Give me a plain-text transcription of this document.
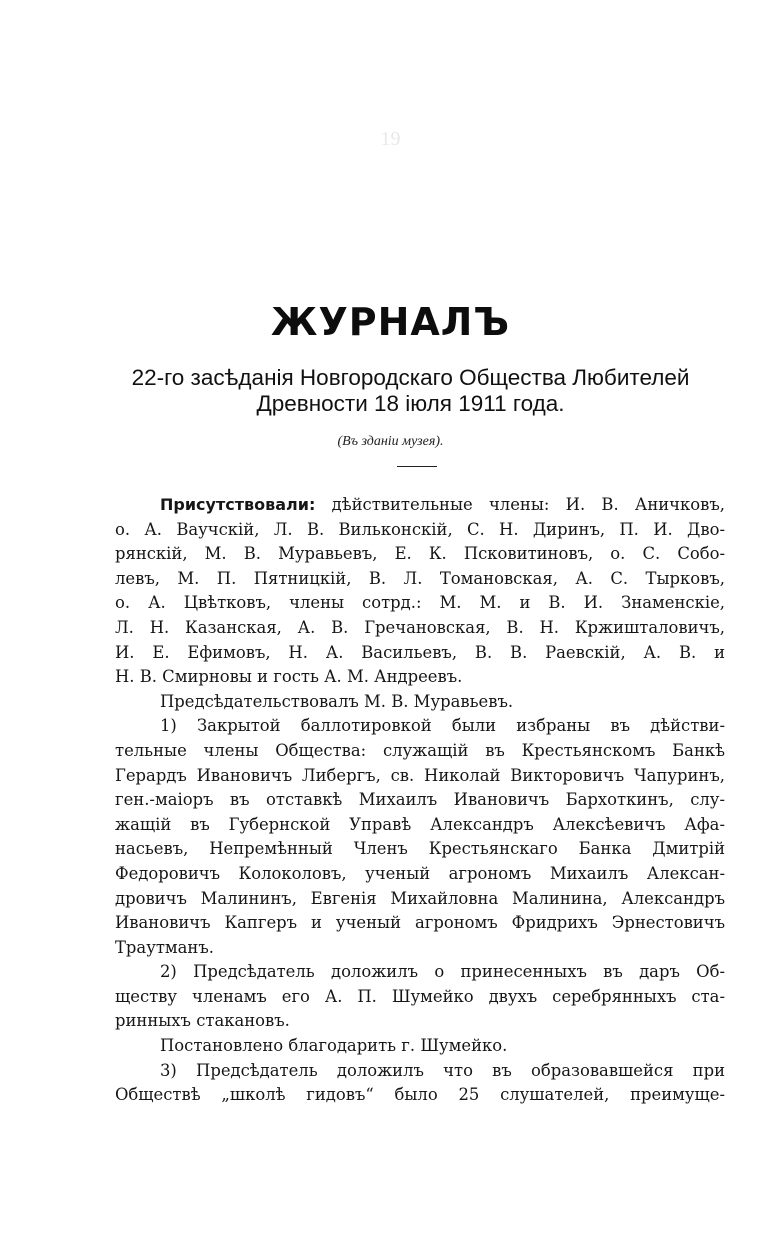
19
ЖУРНАЛЪ
22-го засѣданія Новгородскаго Общества Любителей
Древности 18 іюля 1911 года.
(Въ зданіи музея).
Присутствовали: дѣйствительные члены: И. В. Аничковъ,
о. А. Ваучскій, Л. В. Вильконскій, С. Н. Диринъ, П. И. Дво-
рянскій, М. В. Муравьевъ, Е. К. Псковитиновъ, о. С. Собо-
левъ, М. П. Пятницкій, В. Л. Томановская, А. С. Тырковъ,
о. А. Цвѣтковъ, члены сотрд.: М. М. и В. И. Знаменскіе,
Л. Н. Казанская, А. В. Гречановская, В. Н. Кржишталовичъ,
И. Е. Ефимовъ, Н. А. Васильевъ, В. В. Раевскій, А. В. и
Н. В. Смирновы и гость А. М. Андреевъ.
Предсѣдательствовалъ М. В. Муравьевъ.
1) Закрытой баллотировкой были избраны въ дѣйстви-
тельные члены Общества: служащій въ Крестьянскомъ Банкѣ
Герардъ Ивановичъ Либергъ, св. Николай Викторовичъ Чапуринъ,
ген.-маіоръ въ отставкѣ Михаилъ Ивановичъ Бархоткинъ, слу-
жащій въ Губернской Управѣ Александръ Алексѣевичъ Афа-
насьевъ, Непремѣнный Членъ Крестьянскаго Банка Дмитрій
Федоровичъ Колоколовъ, ученый агрономъ Михаилъ Алексан-
дровичъ Малининъ, Евгенія Михайловна Малинина, Александръ
Ивановичъ Капгеръ и ученый агрономъ Фридрихъ Эрнестовичъ
Траутманъ.
2) Предсѣдатель доложилъ о принесенныхъ въ даръ Об-
ществу членамъ его А. П. Шумейко двухъ серебрянныхъ ста-
ринныхъ стакановъ.
Постановлено благодарить г. Шумейко.
3) Предсѣдатель доложилъ что въ образовавшейся при
Обществѣ „школѣ гидовъ“ было 25 слушателей, преимуще-
